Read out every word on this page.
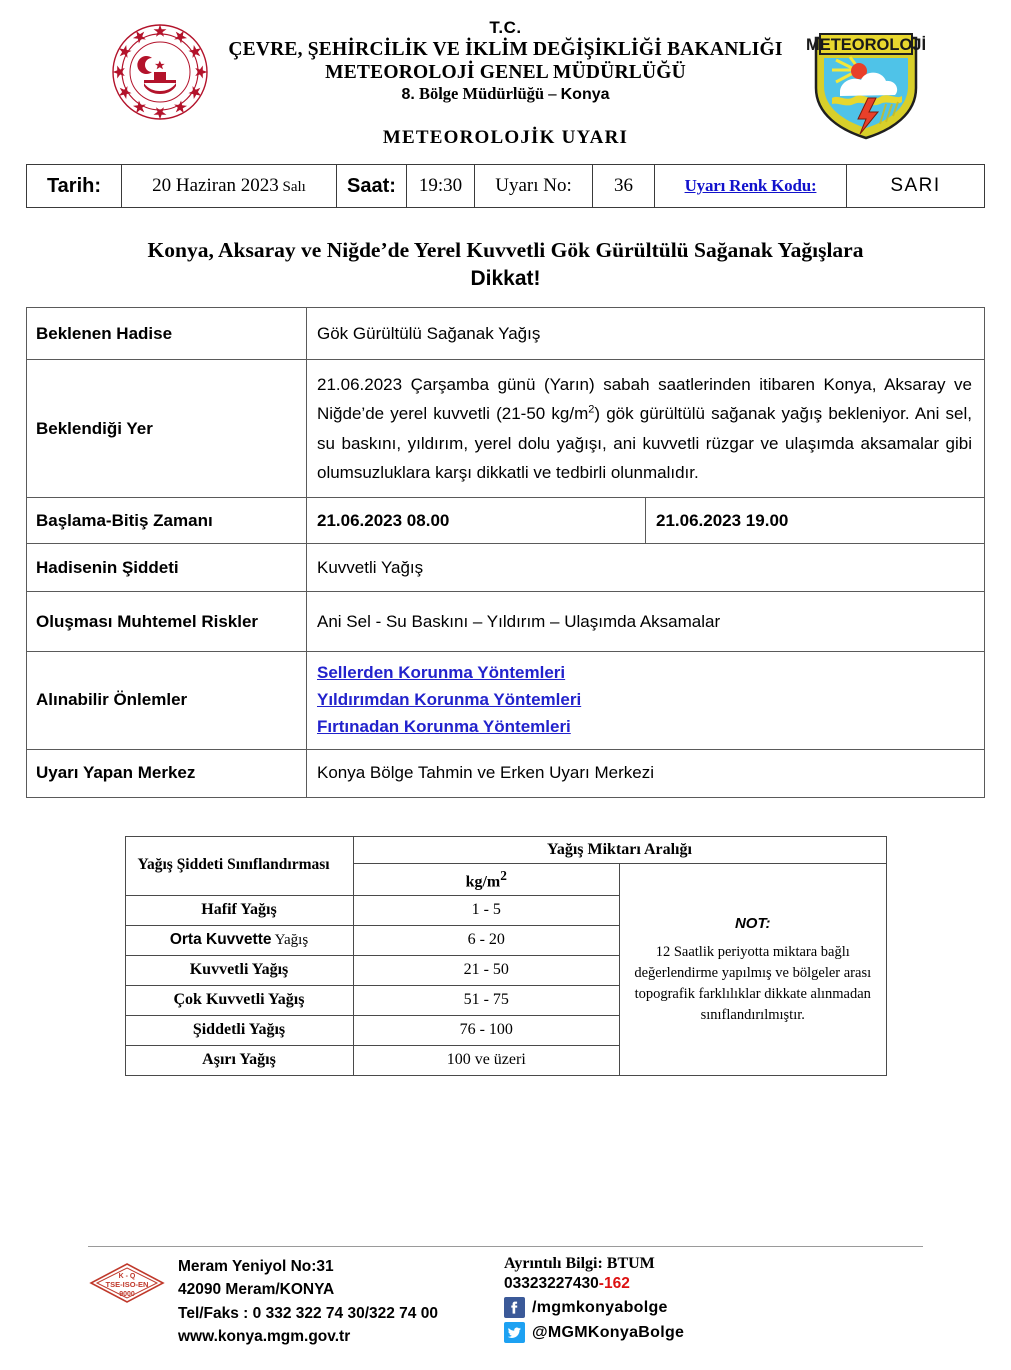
METEOROLOJİ
T.C.
ÇEVRE, ŞEHİRCİLİK VE İKLİM DEĞİŞİKLİĞİ BAKANLIĞI
METEOROLOJİ GENEL MÜDÜRLÜĞÜ
8. Bölge Müdürlüğü – Konya
METEOROLOJİK UYARI
Tarih:	20 Haziran 2023 Salı Saat: 19:30 Uyarı No: 36	Uyarı Renk Kodu:	SARI
Konya, Aksaray ve Niğde’de Yerel Kuvvetli Gök Gürültülü Sağanak Yağışlara
Dikkat!
Beklenen Hadise	Gök Gürültülü Sağanak Yağış	
Beklendiği Yer	21.06.2023 Çarşamba günü (Yarın) sabah saatlerinden itibaren Konya, Aksaray ve Niğde’de yerel kuvvetli (21-50 $kg/m^2$) gök gürültülü sağanak yağış bekleniyor. Ani sel, su baskını, yıldırım, yerel dolu yağışı, ani kuvvetli rüzgar ve ulaşımda aksamalar gibi olumsuzluklara karşı dikkatli ve tedbirli olunmalıdır.	
Başlama-Bitiş Zamanı	21.06.2023 08.00	21.06.2023 19.00
Hadisenin Şiddeti	Kuvvetli Yağış	
Oluşması Muhtemel Riskler	Ani Sel - Su Baskını – Yıldırım – Ulaşımda Aksamalar	
Alınabilir Önlemler	Sellerden Korunma Yöntemleri
Yıldırımdan Korunma Yöntemleri
Fırtınadan Korunma Yöntemleri	

Uyarı Yapan Merkez	Konya Bölge Tahmin ve Erken Uyarı Merkezi	
Yağış Şiddeti Sınıflandırması	Yağış Miktarı Aralığı	
	$kg/m^2$	NOT:
12 Saatlik periyotta miktara bağlı değerlendirme yapılmış ve bölgeler arası topografik farklılıklar dikkate alınmadan sınıflandırılmıştır.

Hafif Yağış	1 - 5	
Orta Kuvvette Yağış	6 - 20	
Kuvvetli Yağış	21 - 50	
Çok Kuvvetli Yağış	51 - 75	
Şiddetli Yağış	76 - 100	
Aşırı Yağış	100 ve üzeri	
K - Q
TSE-ISO-EN
9000
Meram Yeniyol No:31
42090 Meram/KONYA
Tel/Faks : 0 332 322 74 30/322 74 00
www.konya.mgm.gov.tr
Ayrıntılı Bilgi: BTUM
03323227430-162
/mgmkonyabolge
@MGMKonyaBolge
